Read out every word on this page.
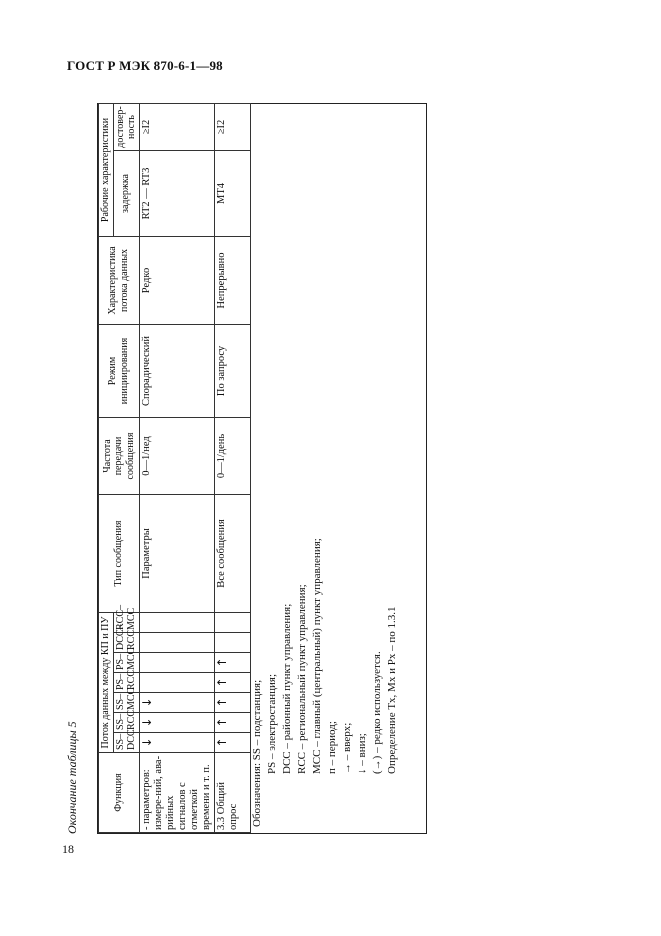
ГОСТ Р МЭК 870-6-1—98
Окончание таблицы 5	Функция	Поток данных между КП и ПУ							Тип сообщения	Частота передачи сообщения	Режим инициирования	Характеристика потока данных	Рабочие характеристики	
	SS–DCC	SS–RCC	SS–MCC	PS–RCC	PS–MCC	DCC–RCC	RCC–MCC					задержка	достовер-ность
- параметров: измере-ний, ава-рийных сигналов с отметкой времени и т. п.	↓	↓	↓					Параметры	0—1/нед	Спорадический	Редко	RT2 — RT3	≥I2
3.3 Общий опрос	↑	↑	↑	↑	↑			Все сообщения	0—1/день	По запросу	Непрерывно	MT4	≥I2
Обозначения: SS – подстанция; PS – электростанция; DCC – районный пункт управления; RCC – региональный пункт управления; MCC – главный (центральный) пункт управления; п – период; → – вверх; ↓ – вниз; (→) – редко используется. Определение Tx, Mx и Px – по 1.3.1
18
